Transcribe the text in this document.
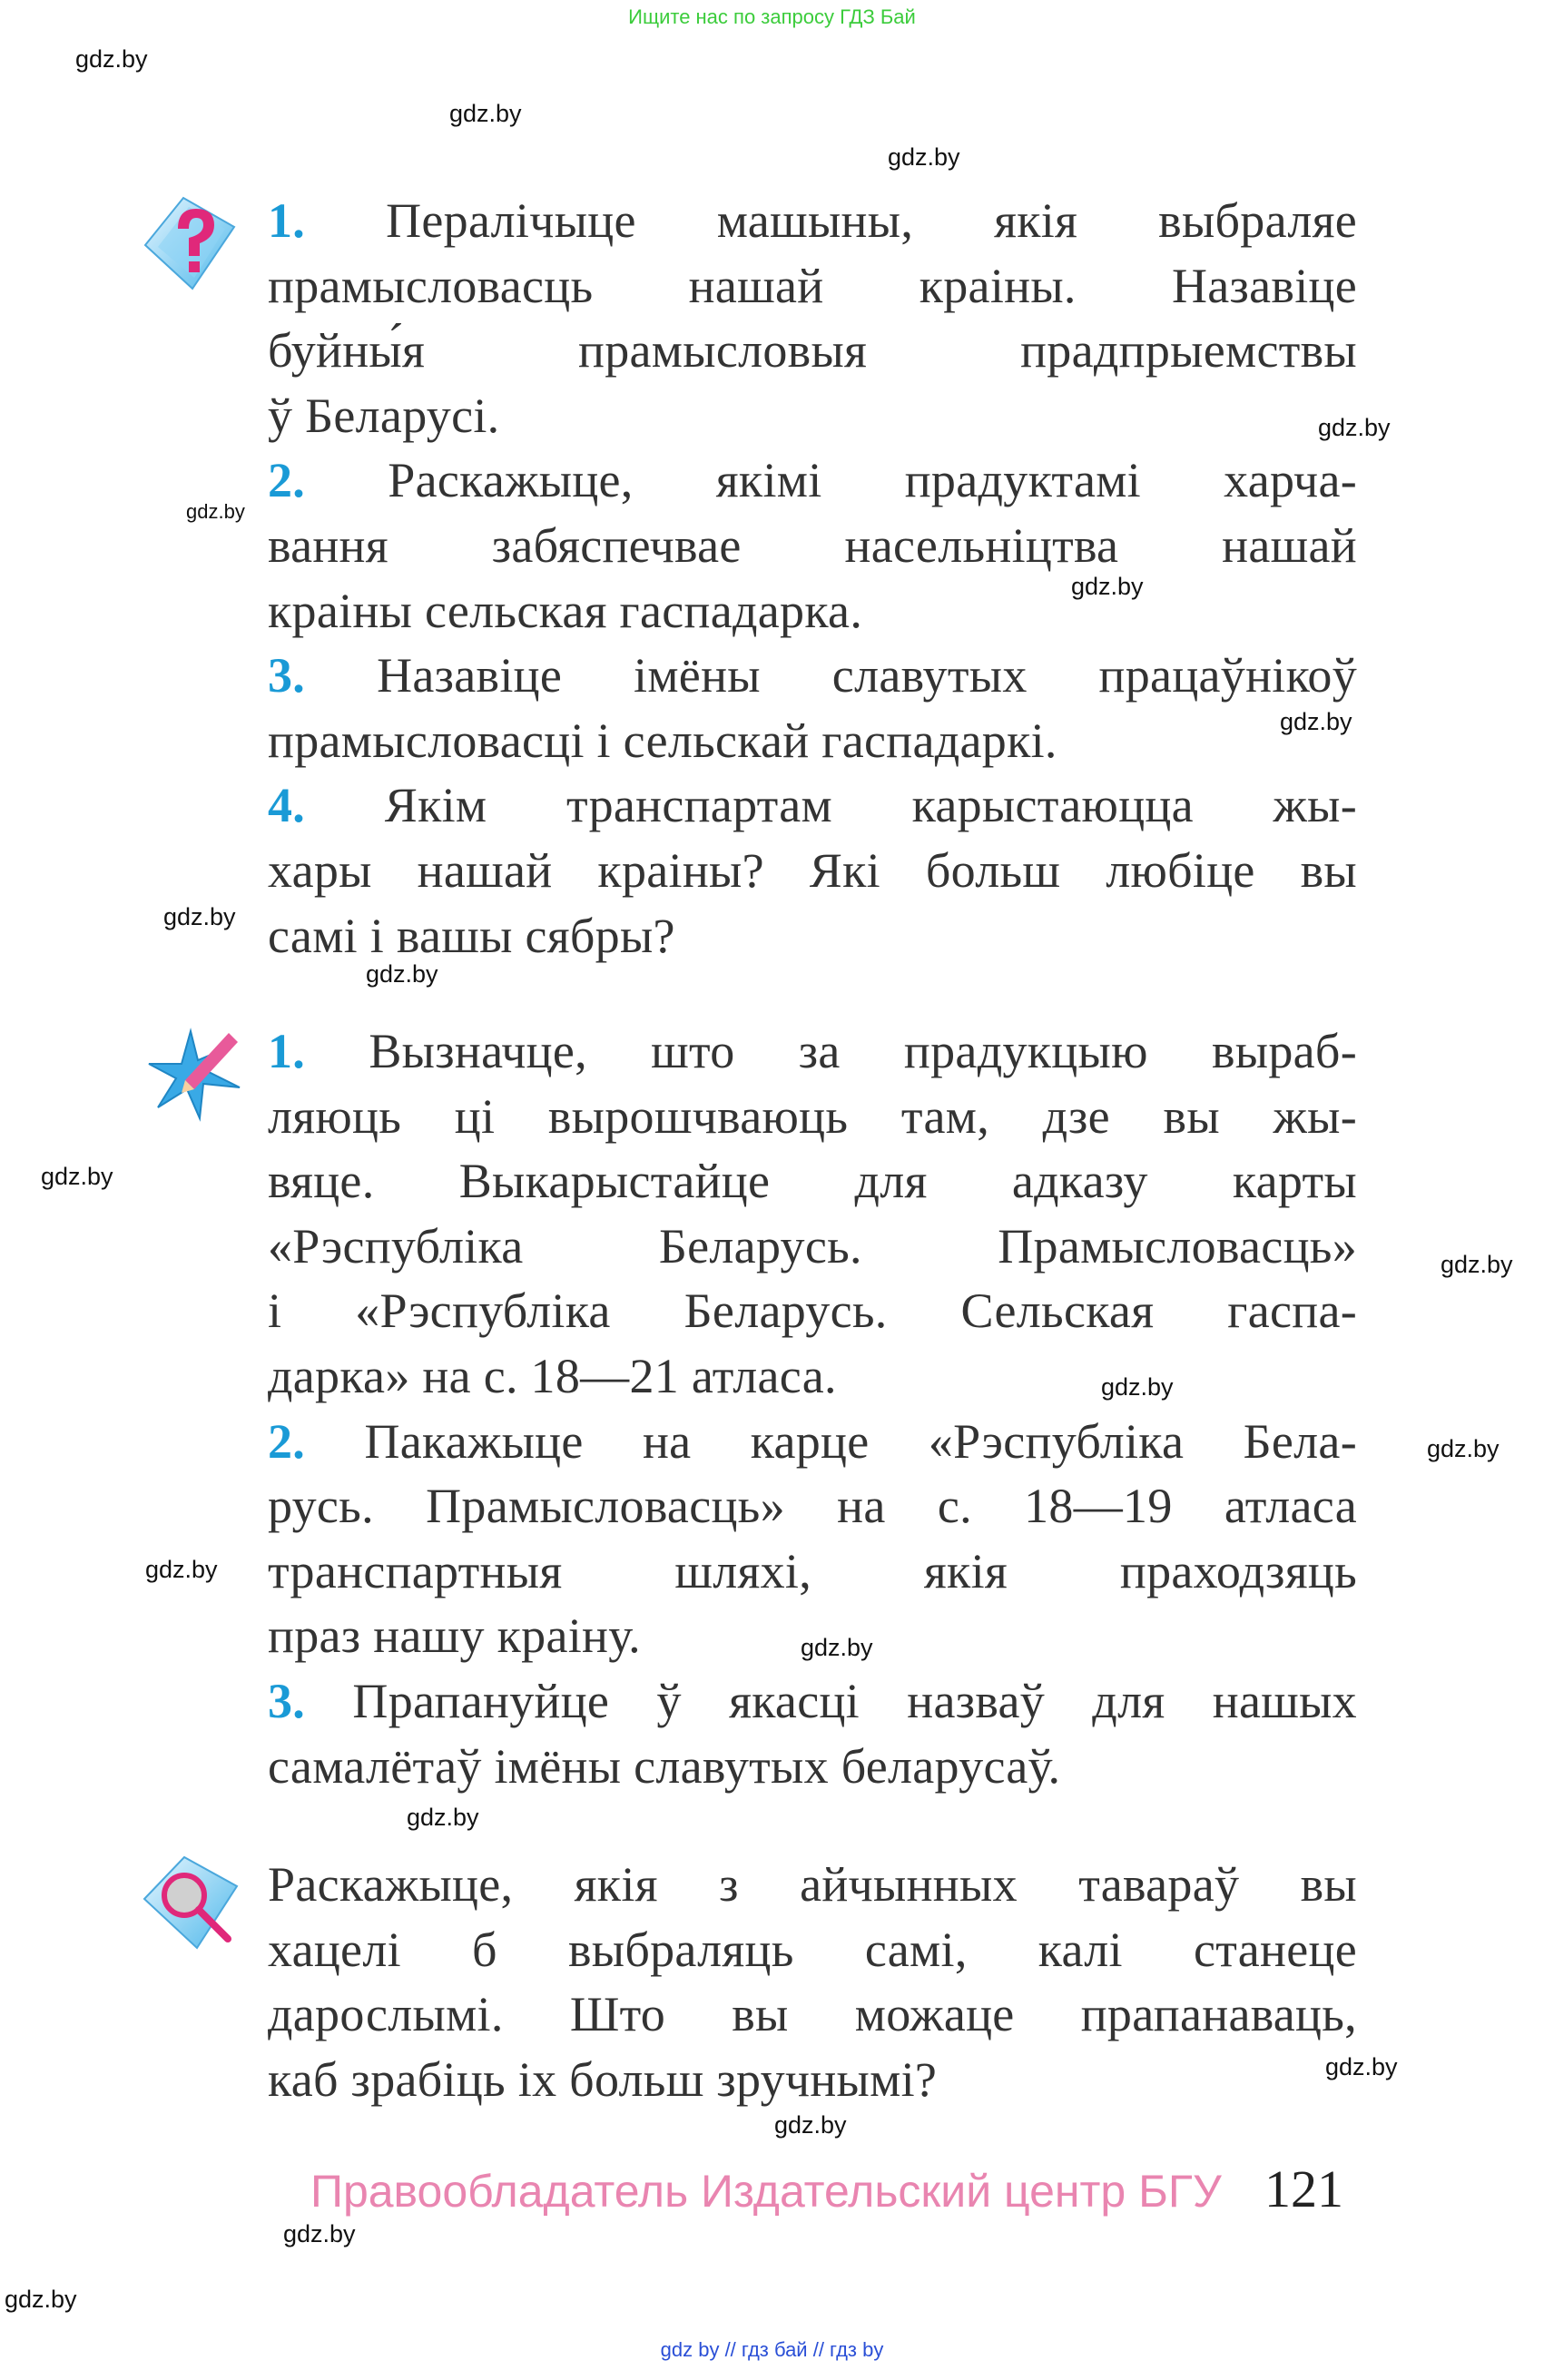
Ищите нас по запросу ГДЗ Бай
1. Пералічыце машыны, якія выбраляе
прамысловасць нашай краіны. Назавіце
буйны́я прамысловыя прадпрыемствы
ў Беларусі.
2. Раскажыце, якімі прадуктамі харча-
вання забяспечвае насельніцтва нашай
краіны сельская гаспадарка.
3. Назавіце імёны славутых працаўнікоў
прамысловасці і сельскай гаспадаркі.
4. Якім транспартам карыстаюцца жы-
хары нашай краіны? Які больш любіце вы
самі і вашы сябры?
1. Вызначце, што за прадукцыю выраб-
ляюць ці вырошчваюць там, дзе вы жы-
вяце. Выкарыстайце для адказу карты
«Рэспубліка Беларусь. Прамысловасць»
і «Рэспубліка Беларусь. Сельская гаспа-
дарка» на с. 18—21 атласа.
2. Пакажыце на карце «Рэспубліка Бела-
русь. Прамысловасць» на с. 18—19 атласа
транспартныя шляхі, якія праходзяць
праз нашу краіну.
3. Прапануйце ў якасці назваў для нашых
самалётаў імёны славутых беларусаў.
Раскажыце, якія з айчынных тавараў вы
хацелі б выбраляць самі, калі станеце
дарослымі. Што вы можаце прапанаваць,
каб зрабіць іх больш зручнымі?
gdz.by
gdz.by
gdz.by
gdz.by
gdz.by
gdz.by
gdz.by
gdz.by
gdz.by
gdz.by
gdz.by
gdz.by
gdz.by
gdz.by
gdz.by
gdz.by
gdz.by
gdz.by
gdz.by
gdz.by
Правообладатель Издательский центр БГУ 121
gdz by // гдз бай // гдз by
